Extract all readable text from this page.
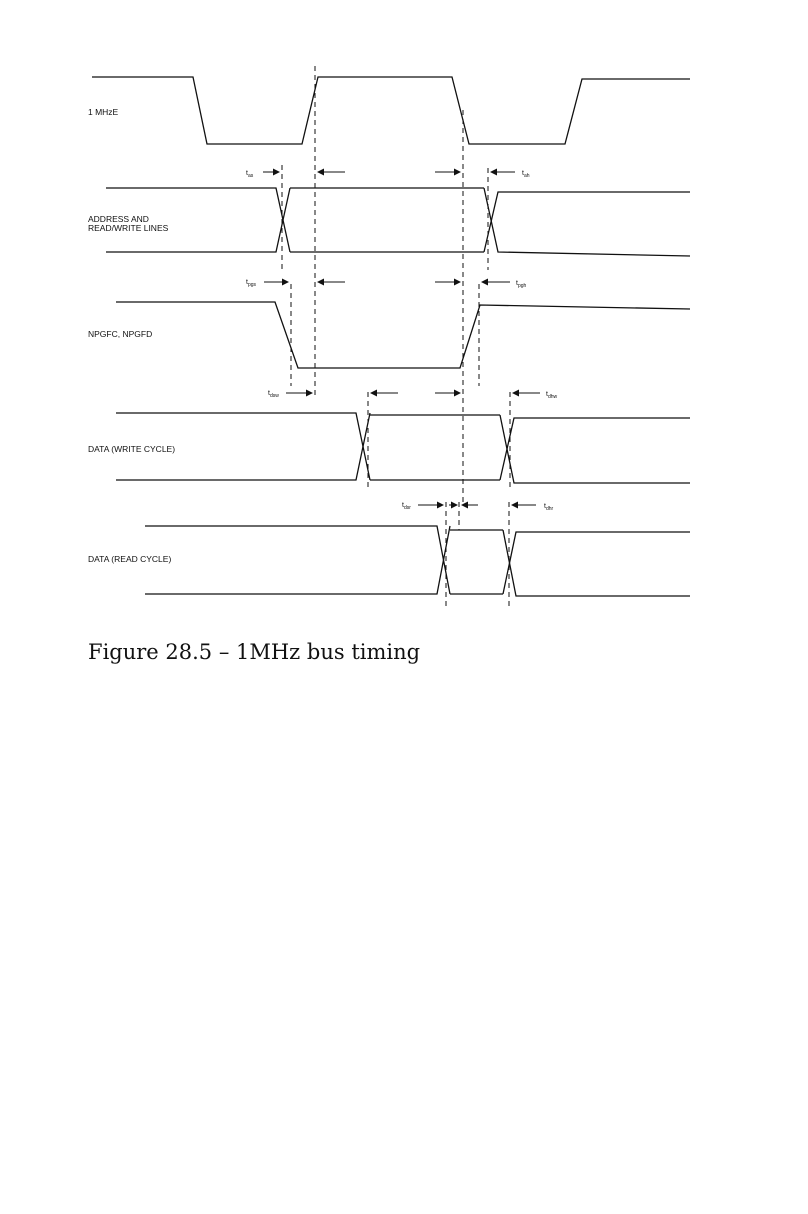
1 MHzE
ADDRESS AND
READ/WRITE LINES
NPGFC, NPGFD
DATA (WRITE CYCLE)
DATA (READ CYCLE)
$t_{as}$	$t_{ah}$
$t_{pgs}$	$t_{pgh}$
$t_{dsw}$	$t_{dhw}$
$t_{dsr}$	$t_{dhr}$
Figure 28.5 – 1MHz bus timing
